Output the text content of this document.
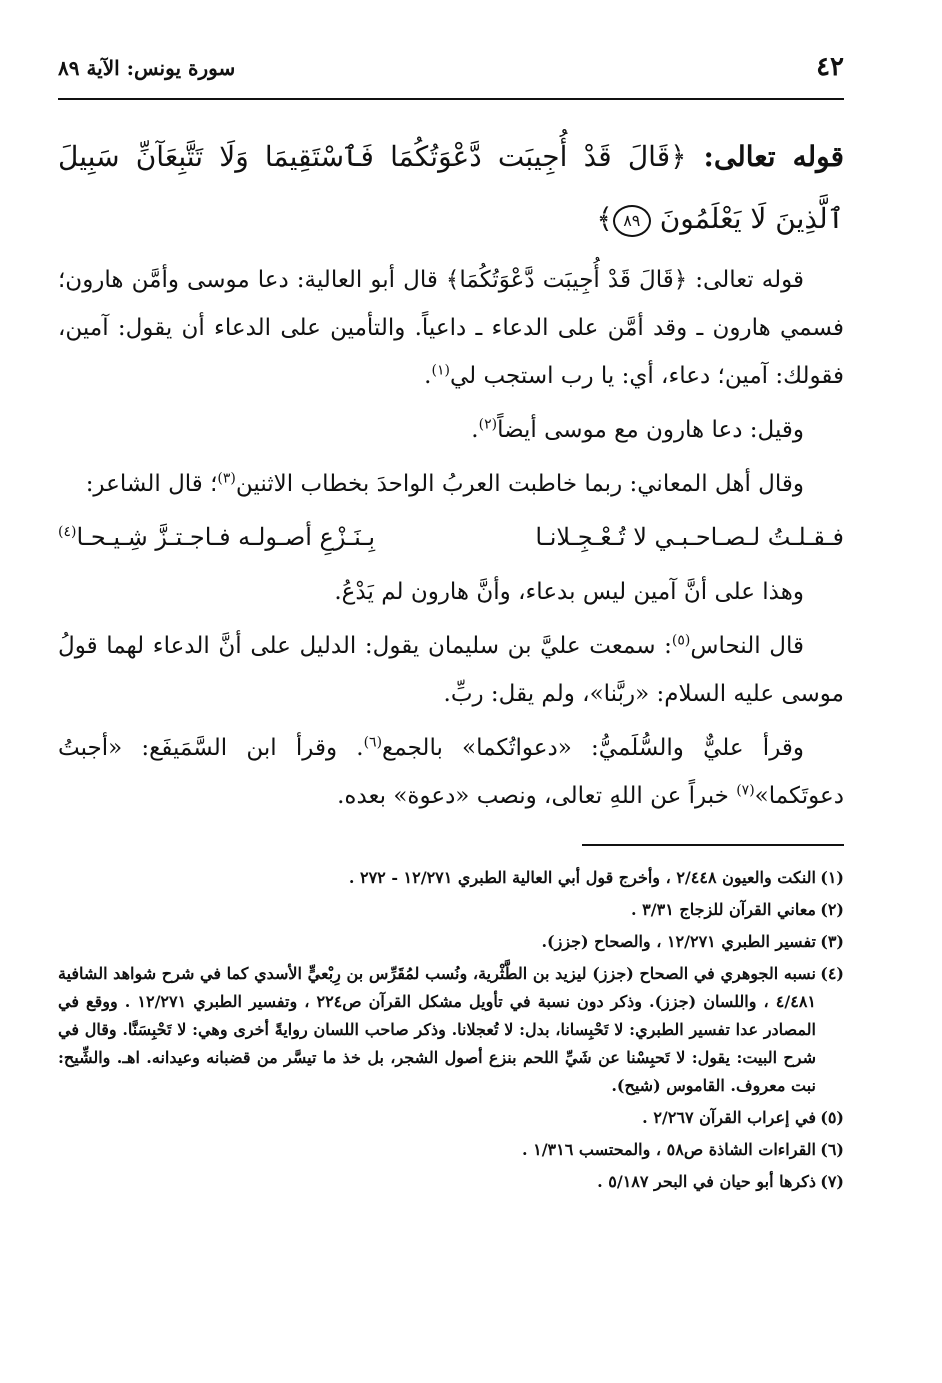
٤٢
سورة يونس: الآية ٨٩
قوله تعالى: ﴿قَالَ قَدْ أُجِيبَت دَّعْوَتُكُمَا فَٱسْتَقِيمَا وَلَا تَتَّبِعَآنِّ سَبِيلَ ٱلَّذِينَ لَا يَعْلَمُونَ ٨٩﴾

قوله تعالى: ﴿قَالَ قَدْ أُجِيبَت دَّعْوَتُكُمَا﴾ قال أبو العالية: دعا موسى وأمَّن هارون؛ فسمي هارون ـ وقد أمَّن على الدعاء ـ داعياً. والتأمين على الدعاء أن يقول: آمين، فقولك: آمين؛ دعاء، أي: يا رب استجب لي$^{(١)}$.

وقيل: دعا هارون مع موسى أيضاً$^{(٢)}$.

وقال أهل المعاني: ربما خاطبت العربُ الواحدَ بخطاب الاثنين$^{(٣)}$؛ قال الشاعر:

فـقـلـتُ لـصـاحـبـي لا تُـعْـجِـلانـا
بِـنَـزْعِ أصـولـه فـاجـتـزَّ شِـيـحـا$^{(٤)}$

وهذا على أنَّ آمين ليس بدعاء، وأنَّ هارون لم يَدْعُ.

قال النحاس$^{(٥)}$: سمعت عليَّ بن سليمان يقول: الدليل على أنَّ الدعاء لهما قولُ موسى عليه السلام: «ربَّنا»، ولم يقل: ربِّ.

وقرأ عليٌّ والسُّلَميُّ: «دعواتُكما» بالجمع$^{(٦)}$. وقرأ ابن السَّمَيفَع: «أجبتُ دعوتَكما»$^{(٧)}$ خبراً عن اللهِ تعالى، ونصب «دعوة» بعده.

(١)
النكت والعيون ٢/٤٤٨ ، وأخرج قول أبي العالية الطبري ١٢/٢٧١ - ٢٧٢ .
(٢)
معاني القرآن للزجاج ٣/٣١ .
(٣)
تفسير الطبري ١٢/٢٧١ ، والصحاح (جزز).
(٤)
نسبه الجوهري في الصحاح (جزز) ليزيد بن الطَّثْرية، ونُسب لمُقَرِّس بن رِبْعيٍّ الأسدي كما في شرح شواهد الشافية ٤/٤٨١ ، واللسان (جزز). وذكر دون نسبة في تأويل مشكل القرآن ص٢٢٤ ، وتفسير الطبري ١٢/٢٧١ . ووقع في المصادر عدا تفسير الطبري: لا تَحْبِسانا، بدل: لا تُعجلانا. وذكر صاحب اللسان روايةً أخرى وهي: لا تَحْبِسَنَّا. وقال في شرح البيت: يقول: لا تَحبِسْنا عن شَيِّ اللحم بنزع أصول الشجر، بل خذ ما تيسَّر من قضبانه وعيدانه. اهـ. والشِّيح: نبت معروف. القاموس (شيح).
(٥)
في إعراب القرآن ٢/٢٦٧ .
(٦)
القراءات الشاذة ص٥٨ ، والمحتسب ١/٣١٦ .
(٧)
ذكرها أبو حيان في البحر ٥/١٨٧ .
